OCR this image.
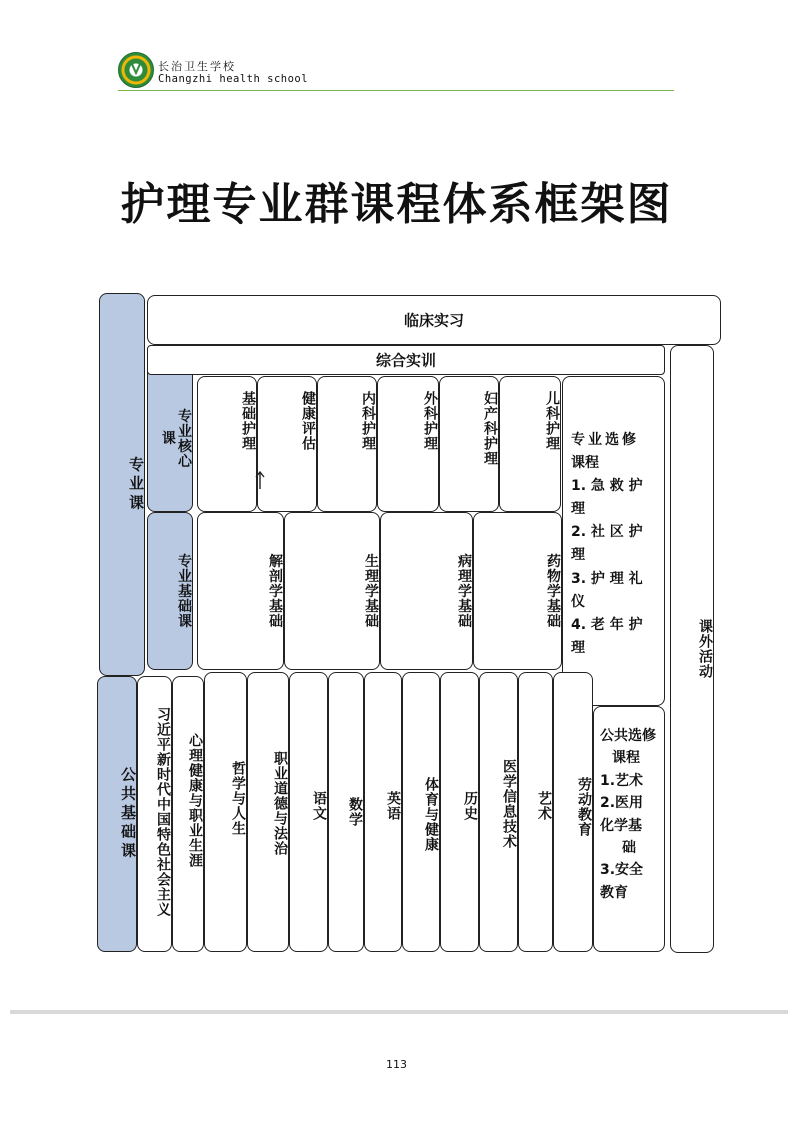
长治卫生学校
Changzhi health school
护理专业群课程体系框架图
专业课
公共基础课
专业核心课
专业基础课
临床实习
综合实训
课外活动
基础护理	健康评估	内科护理	外科护理	妇产科护理	儿科护理 专业选修
课程
1. 急 救 护
理
2. 社 区 护
理
3. 护 理 礼
仪
4. 老 年 护
理
解剖学基础	生理学基础	病理学基础	药物学基础
习近平新时代中国特色社会主义	心理健康与职业生涯	哲学与人生	职业道德与法治	语文	数学	英语	体育与健康	历史	医学信息技术	艺术	劳动教育
公共选修
课程
1.艺术
2.医用
化学基
础
3.安全
教育
113
